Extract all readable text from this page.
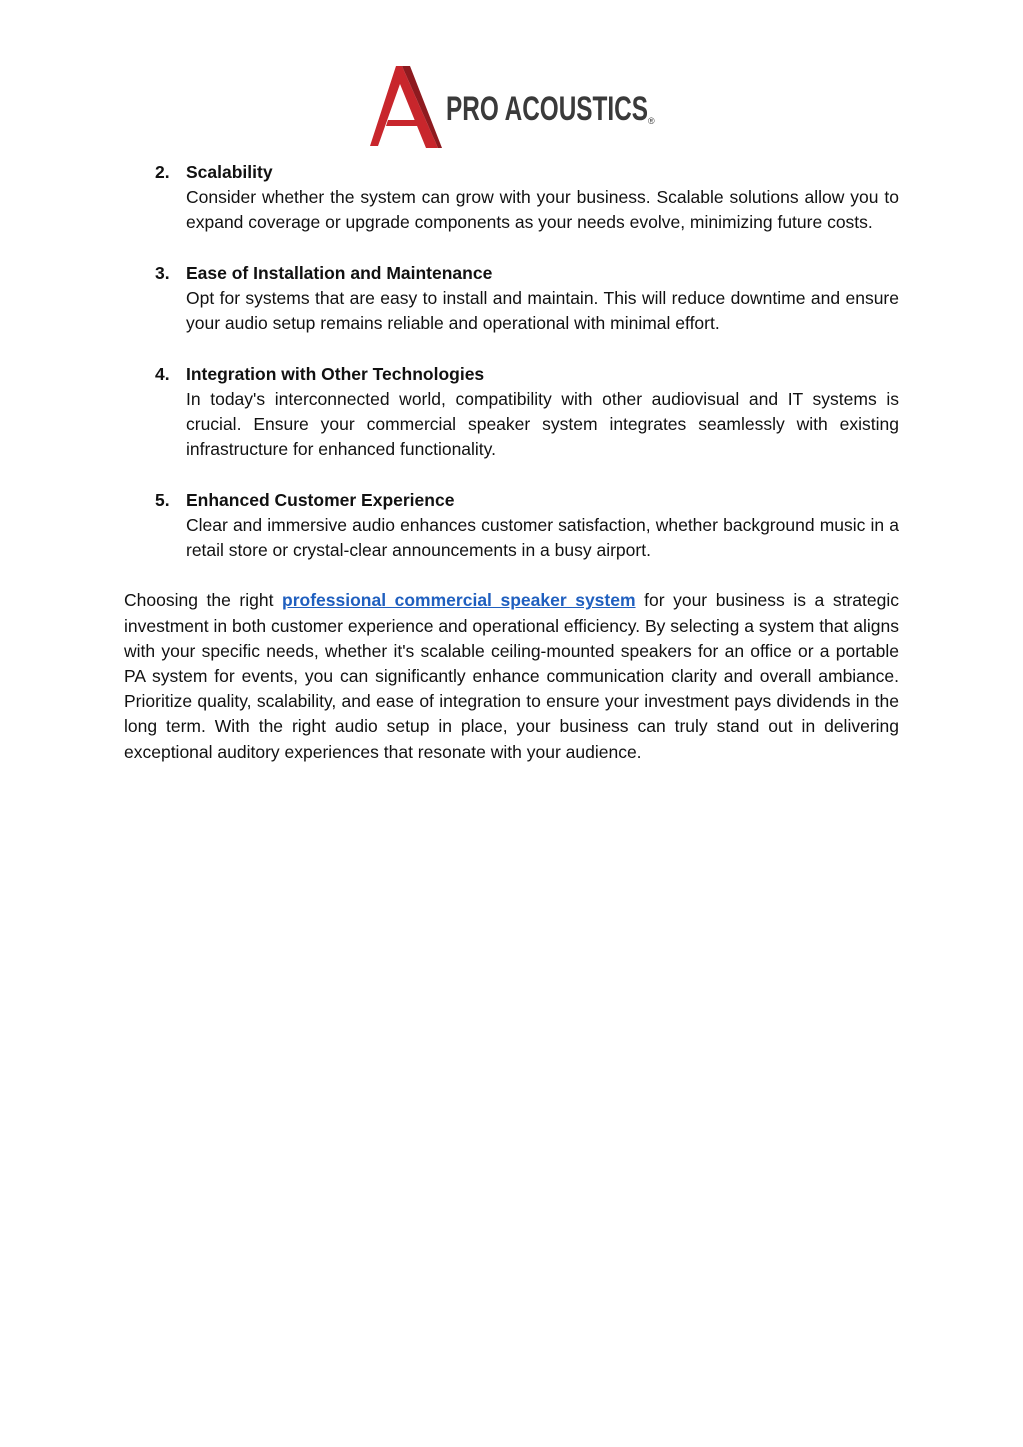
PRO ACOUSTICS ®
2. Scalability
Consider whether the system can grow with your business. Scalable solutions allow you to expand coverage or upgrade components as your needs evolve, minimizing future costs.
3. Ease of Installation and Maintenance
Opt for systems that are easy to install and maintain. This will reduce downtime and ensure your audio setup remains reliable and operational with minimal effort.
4. Integration with Other Technologies
In today's interconnected world, compatibility with other audiovisual and IT systems is crucial. Ensure your commercial speaker system integrates seamlessly with existing infrastructure for enhanced functionality.
5. Enhanced Customer Experience
Clear and immersive audio enhances customer satisfaction, whether background music in a retail store or crystal-clear announcements in a busy airport.

Choosing the right professional commercial speaker system for your business is a strategic investment in both customer experience and operational efficiency. By selecting a system that aligns with your specific needs, whether it's scalable ceiling-mounted speakers for an office or a portable PA system for events, you can significantly enhance communication clarity and overall ambiance. Prioritize quality, scalability, and ease of integration to ensure your investment pays dividends in the long term. With the right audio setup in place, your business can truly stand out in delivering exceptional auditory experiences that resonate with your audience.
